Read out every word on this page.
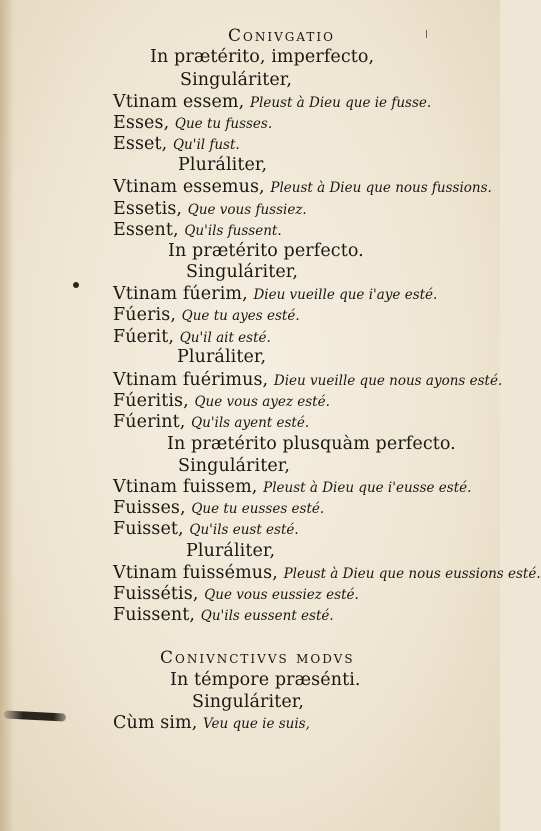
Conivgatio
In prætérito, imperfecto,
Singuláriter,
Vtinam essem, Pleust à Dieu que ie fusse.
Esses, Que tu fusses.
Esset, Qu'il fust.
Pluráliter,
Vtinam essemus, Pleust à Dieu que nous fussions.
Essetis, Que vous fussiez.
Essent, Qu'ils fussent.
In prætérito perfecto.
Singuláriter,
Vtinam fúerim, Dieu vueille que i'aye esté.
Fúeris, Que tu ayes esté.
Fúerit, Qu'il ait esté.
Pluráliter,
Vtinam fuérimus, Dieu vueille que nous ayons esté.
Fúeritis, Que vous ayez esté.
Fúerint, Qu'ils ayent esté.
In prætérito plusquàm perfecto.
Singuláriter,
Vtinam fuissem, Pleust à Dieu que i'eusse esté.
Fuisses, Que tu eusses esté.
Fuisset, Qu'ils eust esté.
Pluráliter,
Vtinam fuissémus, Pleust à Dieu que nous eussions esté.
Fuissétis, Que vous eussiez esté.
Fuissent, Qu'ils eussent esté.
Conivnctivvs modvs
In témpore præsénti.
Singuláriter,
Cùm sim, Veu que ie suis,
